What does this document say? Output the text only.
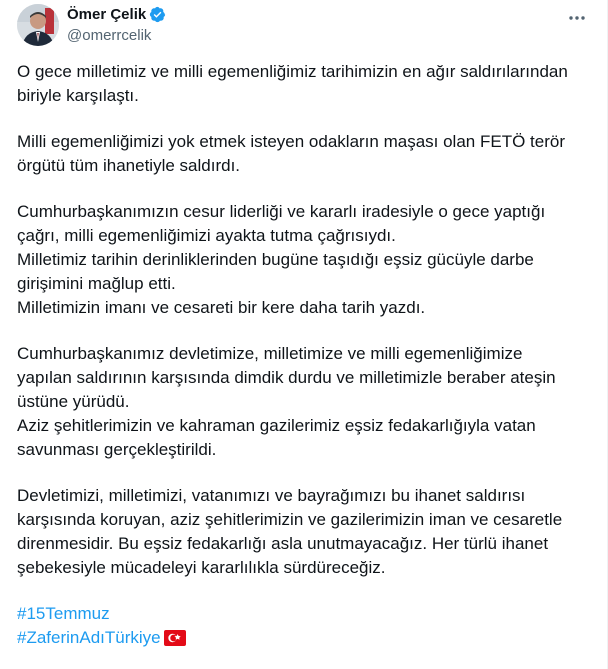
Ömer Çelik
@omerrcelik
O gece milletimiz ve milli egemenliğimiz tarihimizin en ağır saldırılarından
biriyle karşılaştı.
Milli egemenliğimizi yok etmek isteyen odakların maşası olan FETÖ terör
örgütü tüm ihanetiyle saldırdı.
Cumhurbaşkanımızın cesur liderliği ve kararlı iradesiyle o gece yaptığı
çağrı, milli egemenliğimizi ayakta tutma çağrısıydı.
Milletimiz tarihin derinliklerinden bugüne taşıdığı eşsiz gücüyle darbe
girişimini mağlup etti.
Milletimizin imanı ve cesareti bir kere daha tarih yazdı.
Cumhurbaşkanımız devletimize, milletimize ve milli egemenliğimize
yapılan saldırının karşısında dimdik durdu ve milletimizle beraber ateşin
üstüne yürüdü.
Aziz şehitlerimizin ve kahraman gazilerimiz eşsiz fedakarlığıyla vatan
savunması gerçekleştirildi.
Devletimizi, milletimizi, vatanımızı ve bayrağımızı bu ihanet saldırısı
karşısında koruyan, aziz şehitlerimizin ve gazilerimizin iman ve cesaretle
direnmesidir. Bu eşsiz fedakarlığı asla unutmayacağız. Her türlü ihanet
şebekesiyle mücadeleyi kararlılıkla sürdüreceğiz.
#15Temmuz
#ZaferinAdıTürkiye
